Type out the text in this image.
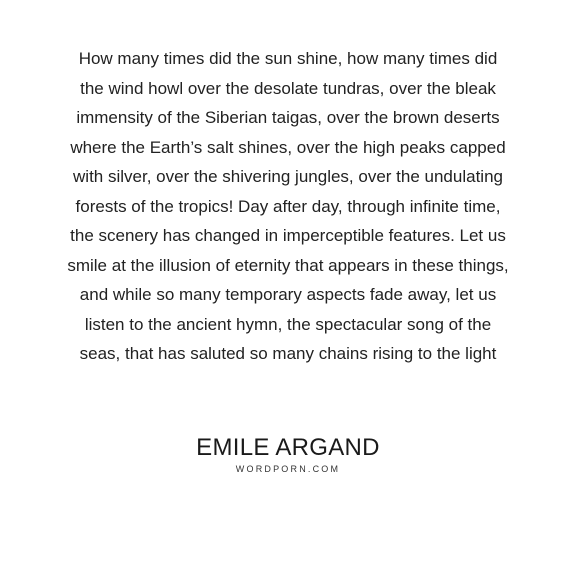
How many times did the sun shine, how many times did
the wind howl over the desolate tundras, over the bleak
immensity of the Siberian taigas, over the brown deserts
where the Earth’s salt shines, over the high peaks capped
with silver, over the shivering jungles, over the undulating
forests of the tropics! Day after day, through infinite time,
the scenery has changed in imperceptible features. Let us
smile at the illusion of eternity that appears in these things,
and while so many temporary aspects fade away, let us
listen to the ancient hymn, the spectacular song of the
seas, that has saluted so many chains rising to the light

EMILE ARGAND
WORDPORN.COM
